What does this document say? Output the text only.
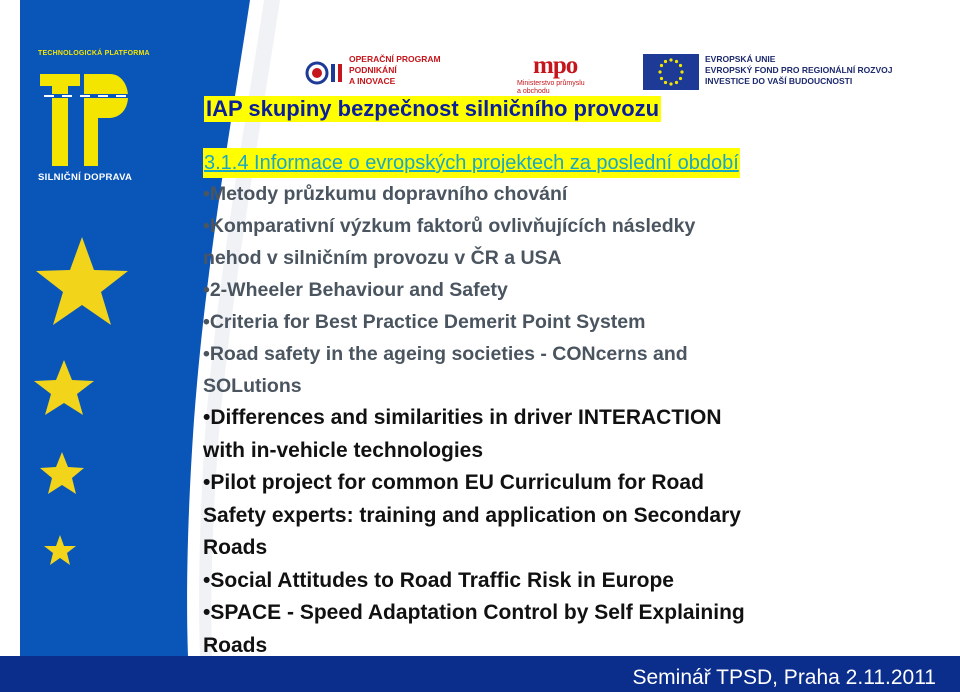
TECHNOLOGICKÁ PLATFORMA
SILNIČNÍ DOPRAVA
OPERAČNÍ PROGRAM
PODNIKÁNÍ
A INOVACE
mpo
Ministerstvo průmyslu
a obchodu
EVROPSKÁ UNIE
EVROPSKÝ FOND PRO REGIONÁLNÍ ROZVOJ
INVESTICE DO VAŠÍ BUDOUCNOSTI
IAP skupiny bezpečnost silničního provozu
3.1.4 Informace o evropských projektech za poslední období
• Metody průzkumu dopravního chování
• Komparativní výzkum faktorů ovlivňujících následky
nehod v silničním provozu v ČR a USA
• 2-Wheeler Behaviour and Safety
• Criteria for Best Practice Demerit Point System
• Road safety in the ageing societies - CONcerns and
SOLutions
• Differences and similarities in driver INTERACTION
with in-vehicle technologies
• Pilot project for common EU Curriculum for Road
Safety experts: training and application on Secondary
Roads
• Social Attitudes to Road Traffic Risk in Europe
• SPACE - Speed Adaptation Control by Self Explaining
Roads
Seminář TPSD, Praha 2.11.2011
